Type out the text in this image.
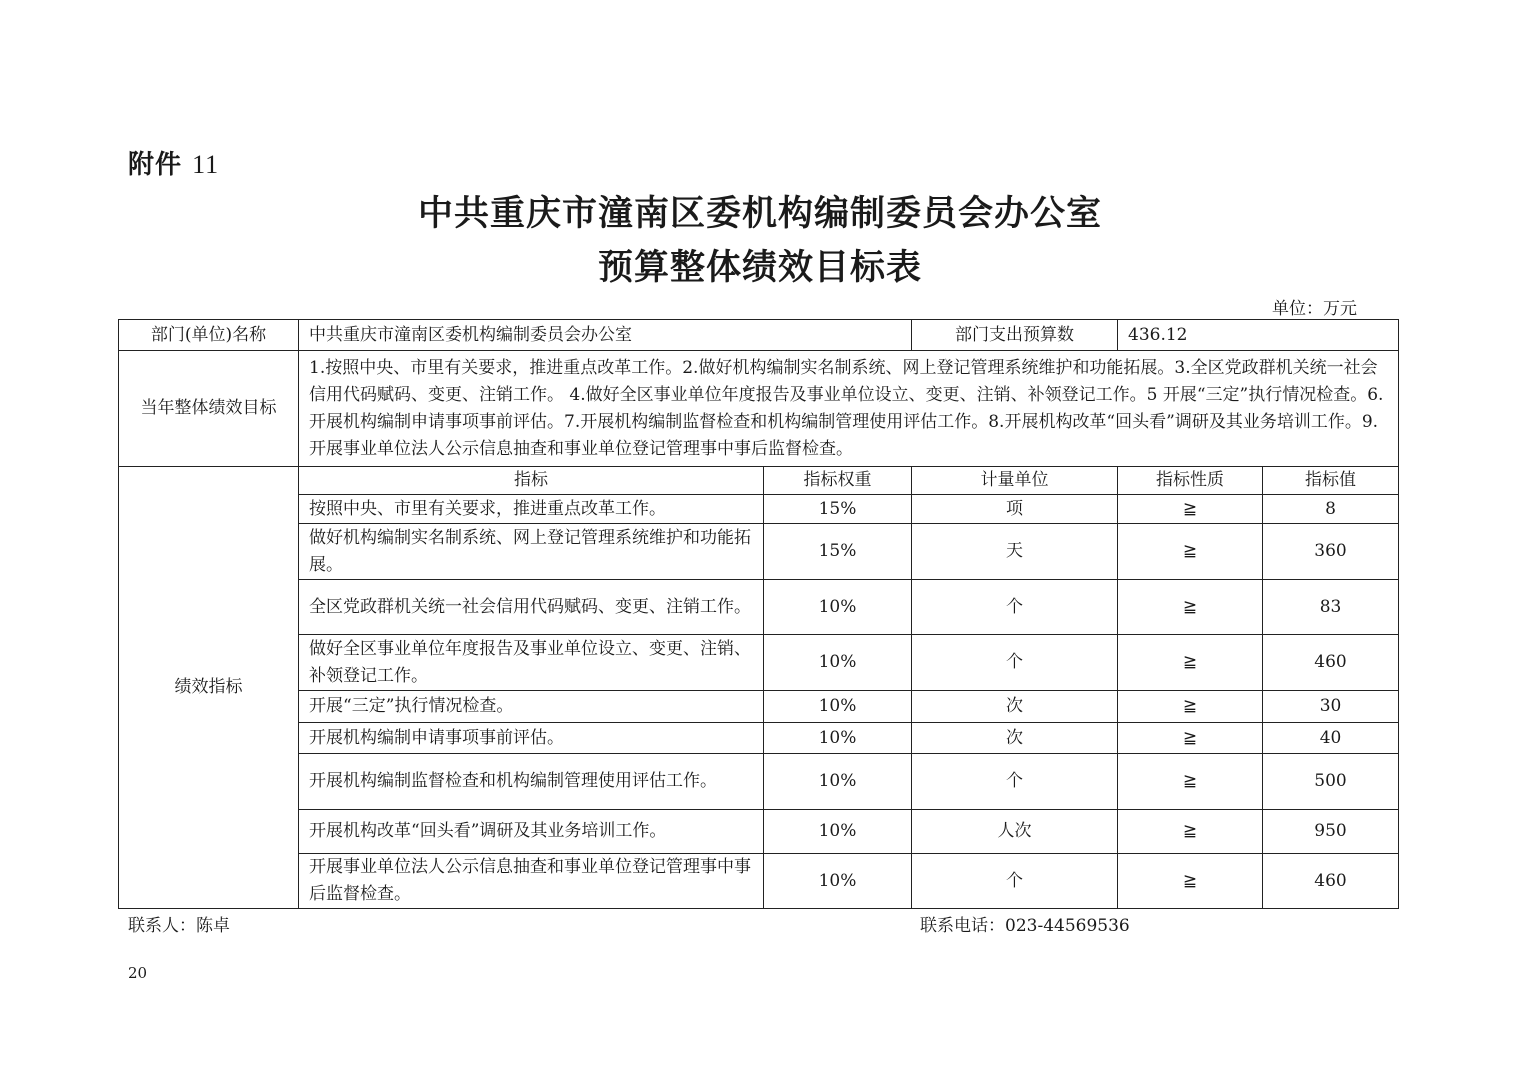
附件 11
中共重庆市潼南区委机构编制委员会办公室
预算整体绩效目标表
单位：万元
部门(单位)名称	中共重庆市潼南区委机构编制委员会办公室		部门支出预算数	436.12	
当年整体绩效目标	1.按照中央、市里有关要求，推进重点改革工作。2.做好机构编制实名制系统、网上登记管理系统维护和功能拓展。3.全区党政群机关统一社会信用代码赋码、变更、注销工作。 4.做好全区事业单位年度报告及事业单位设立、变更、注销、补领登记工作。5 开展“三定”执行情况检查。6.开展机构编制申请事项事前评估。7.开展机构编制监督检查和机构编制管理使用评估工作。8.开展机构改革“回头看”调研及其业务培训工作。9.开展事业单位法人公示信息抽查和事业单位登记管理事中事后监督检查。				
绩效指标	指标	指标权重	计量单位	指标性质	指标值
	按照中央、市里有关要求，推进重点改革工作。	15%	项	≧	8
	做好机构编制实名制系统、网上登记管理系统维护和功能拓展。	15%	天	≧	360
	全区党政群机关统一社会信用代码赋码、变更、注销工作。	10%	个	≧	83
	做好全区事业单位年度报告及事业单位设立、变更、注销、补领登记工作。	10%	个	≧	460
	开展“三定”执行情况检查。	10%	次	≧	30
	开展机构编制申请事项事前评估。	10%	次	≧	40
	开展机构编制监督检查和机构编制管理使用评估工作。	10%	个	≧	500
	开展机构改革“回头看”调研及其业务培训工作。	10%	人次	≧	950
	开展事业单位法人公示信息抽查和事业单位登记管理事中事后监督检查。	10%	个	≧	460
联系人：陈卓	联系电话：023-44569536
20
